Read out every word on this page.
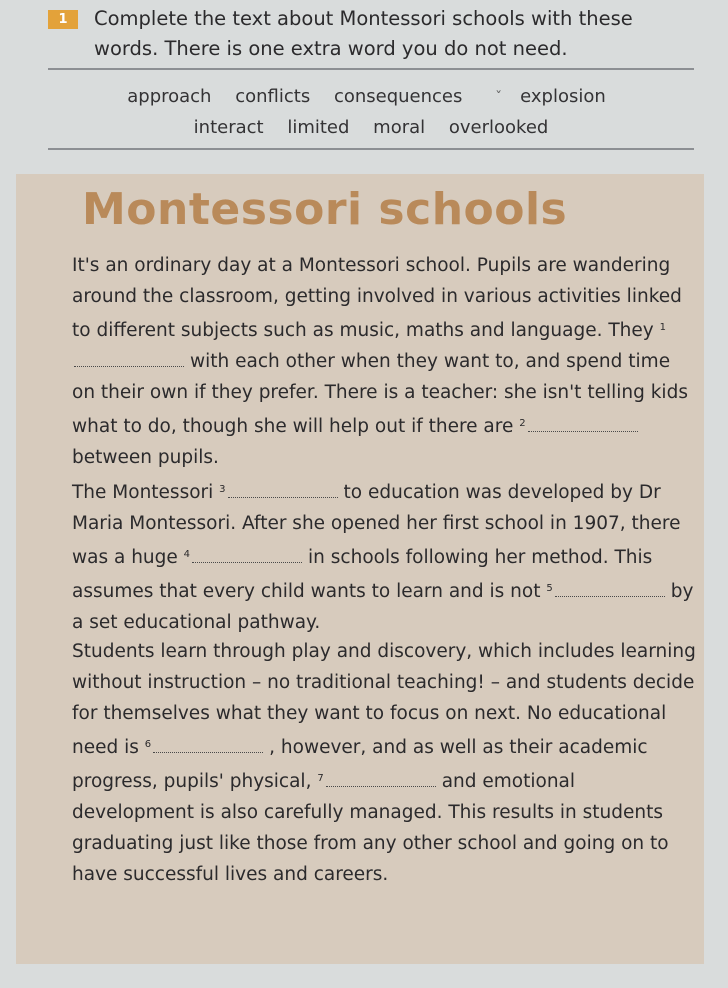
1	Complete the text about Montessori schools with these words. There is one extra word you do not need.
approach conflicts consequences ˇ explosion
interact limited moral overlooked
Montessori schools
It's an ordinary day at a Montessori school. Pupils are wandering around the classroom, getting involved in various activities linked to different subjects such as music, maths and language. They $^1$with each other when they want to, and spend time on their own if they prefer. There is a teacher: she isn't telling kids what to do, though she will help out if there are $^2$between pupils.
The Montessori $^3$	to education was developed by Dr Maria Montessori. After she opened her first school in 1907, there was a huge $^4$	in schools following her method. This assumes that every child wants to learn and is not $^5$	by a set educational pathway.
Students learn through play and discovery, which includes learning without instruction – no traditional teaching! – and students decide for themselves what they want to focus on next. No educational need is $^6$	, however, and as well as their academic progress, pupils' physical, $^7$	and emotional development is also carefully managed. This results in students graduating just like those from any other school and going on to have successful lives and careers.
